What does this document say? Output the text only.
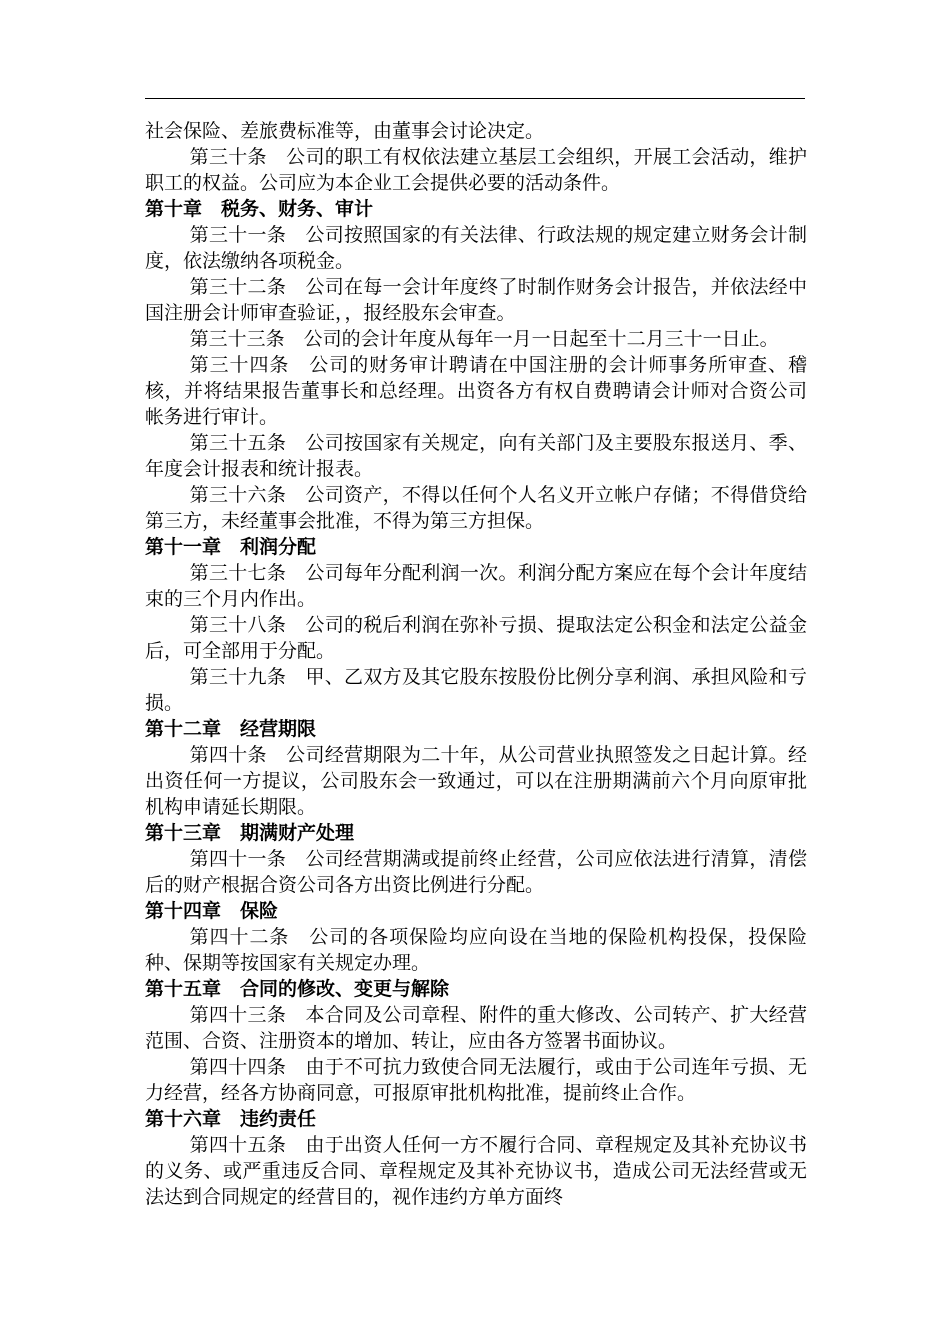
社会保险、差旅费标准等，由董事会讨论决定。

第三十条　公司的职工有权依法建立基层工会组织，开展工会活动，维护职工的权益。公司应为本企业工会提供必要的活动条件。

第十章 税务、财务、审计

第三十一条　公司按照国家的有关法律、行政法规的规定建立财务会计制度，依法缴纳各项税金。

第三十二条　公司在每一会计年度终了时制作财务会计报告，并依法经中国注册会计师审查验证，，报经股东会审查。

第三十三条　公司的会计年度从每年一月一日起至十二月三十一日止。

第三十四条　公司的财务审计聘请在中国注册的会计师事务所审查、稽核，并将结果报告董事长和总经理。出资各方有权自费聘请会计师对合资公司帐务进行审计。

第三十五条　公司按国家有关规定，向有关部门及主要股东报送月、季、年度会计报表和统计报表。

第三十六条　公司资产，不得以任何个人名义开立帐户存储；不得借贷给第三方，未经董事会批准，不得为第三方担保。

第十一章 利润分配

第三十七条　公司每年分配利润一次。利润分配方案应在每个会计年度结束的三个月内作出。

第三十八条　公司的税后利润在弥补亏损、提取法定公积金和法定公益金后，可全部用于分配。

第三十九条　甲、乙双方及其它股东按股份比例分享利润、承担风险和亏损。

第十二章 经营期限

第四十条　公司经营期限为二十年，从公司营业执照签发之日起计算。经出资任何一方提议，公司股东会一致通过，可以在注册期满前六个月向原审批机构申请延长期限。

第十三章 期满财产处理

第四十一条　公司经营期满或提前终止经营，公司应依法进行清算，清偿后的财产根据合资公司各方出资比例进行分配。

第十四章 保险

第四十二条　公司的各项保险均应向设在当地的保险机构投保，投保险种、保期等按国家有关规定办理。

第十五章 合同的修改、变更与解除

第四十三条　本合同及公司章程、附件的重大修改、公司转产、扩大经营范围、合资、注册资本的增加、转让，应由各方签署书面协议。

第四十四条　由于不可抗力致使合同无法履行，或由于公司连年亏损、无力经营，经各方协商同意，可报原审批机构批准，提前终止合作。

第十六章 违约责任

第四十五条　由于出资人任何一方不履行合同、章程规定及其补充协议书的义务、或严重违反合同、章程规定及其补充协议书，造成公司无法经营或无法达到合同规定的经营目的，视作违约方单方面终
